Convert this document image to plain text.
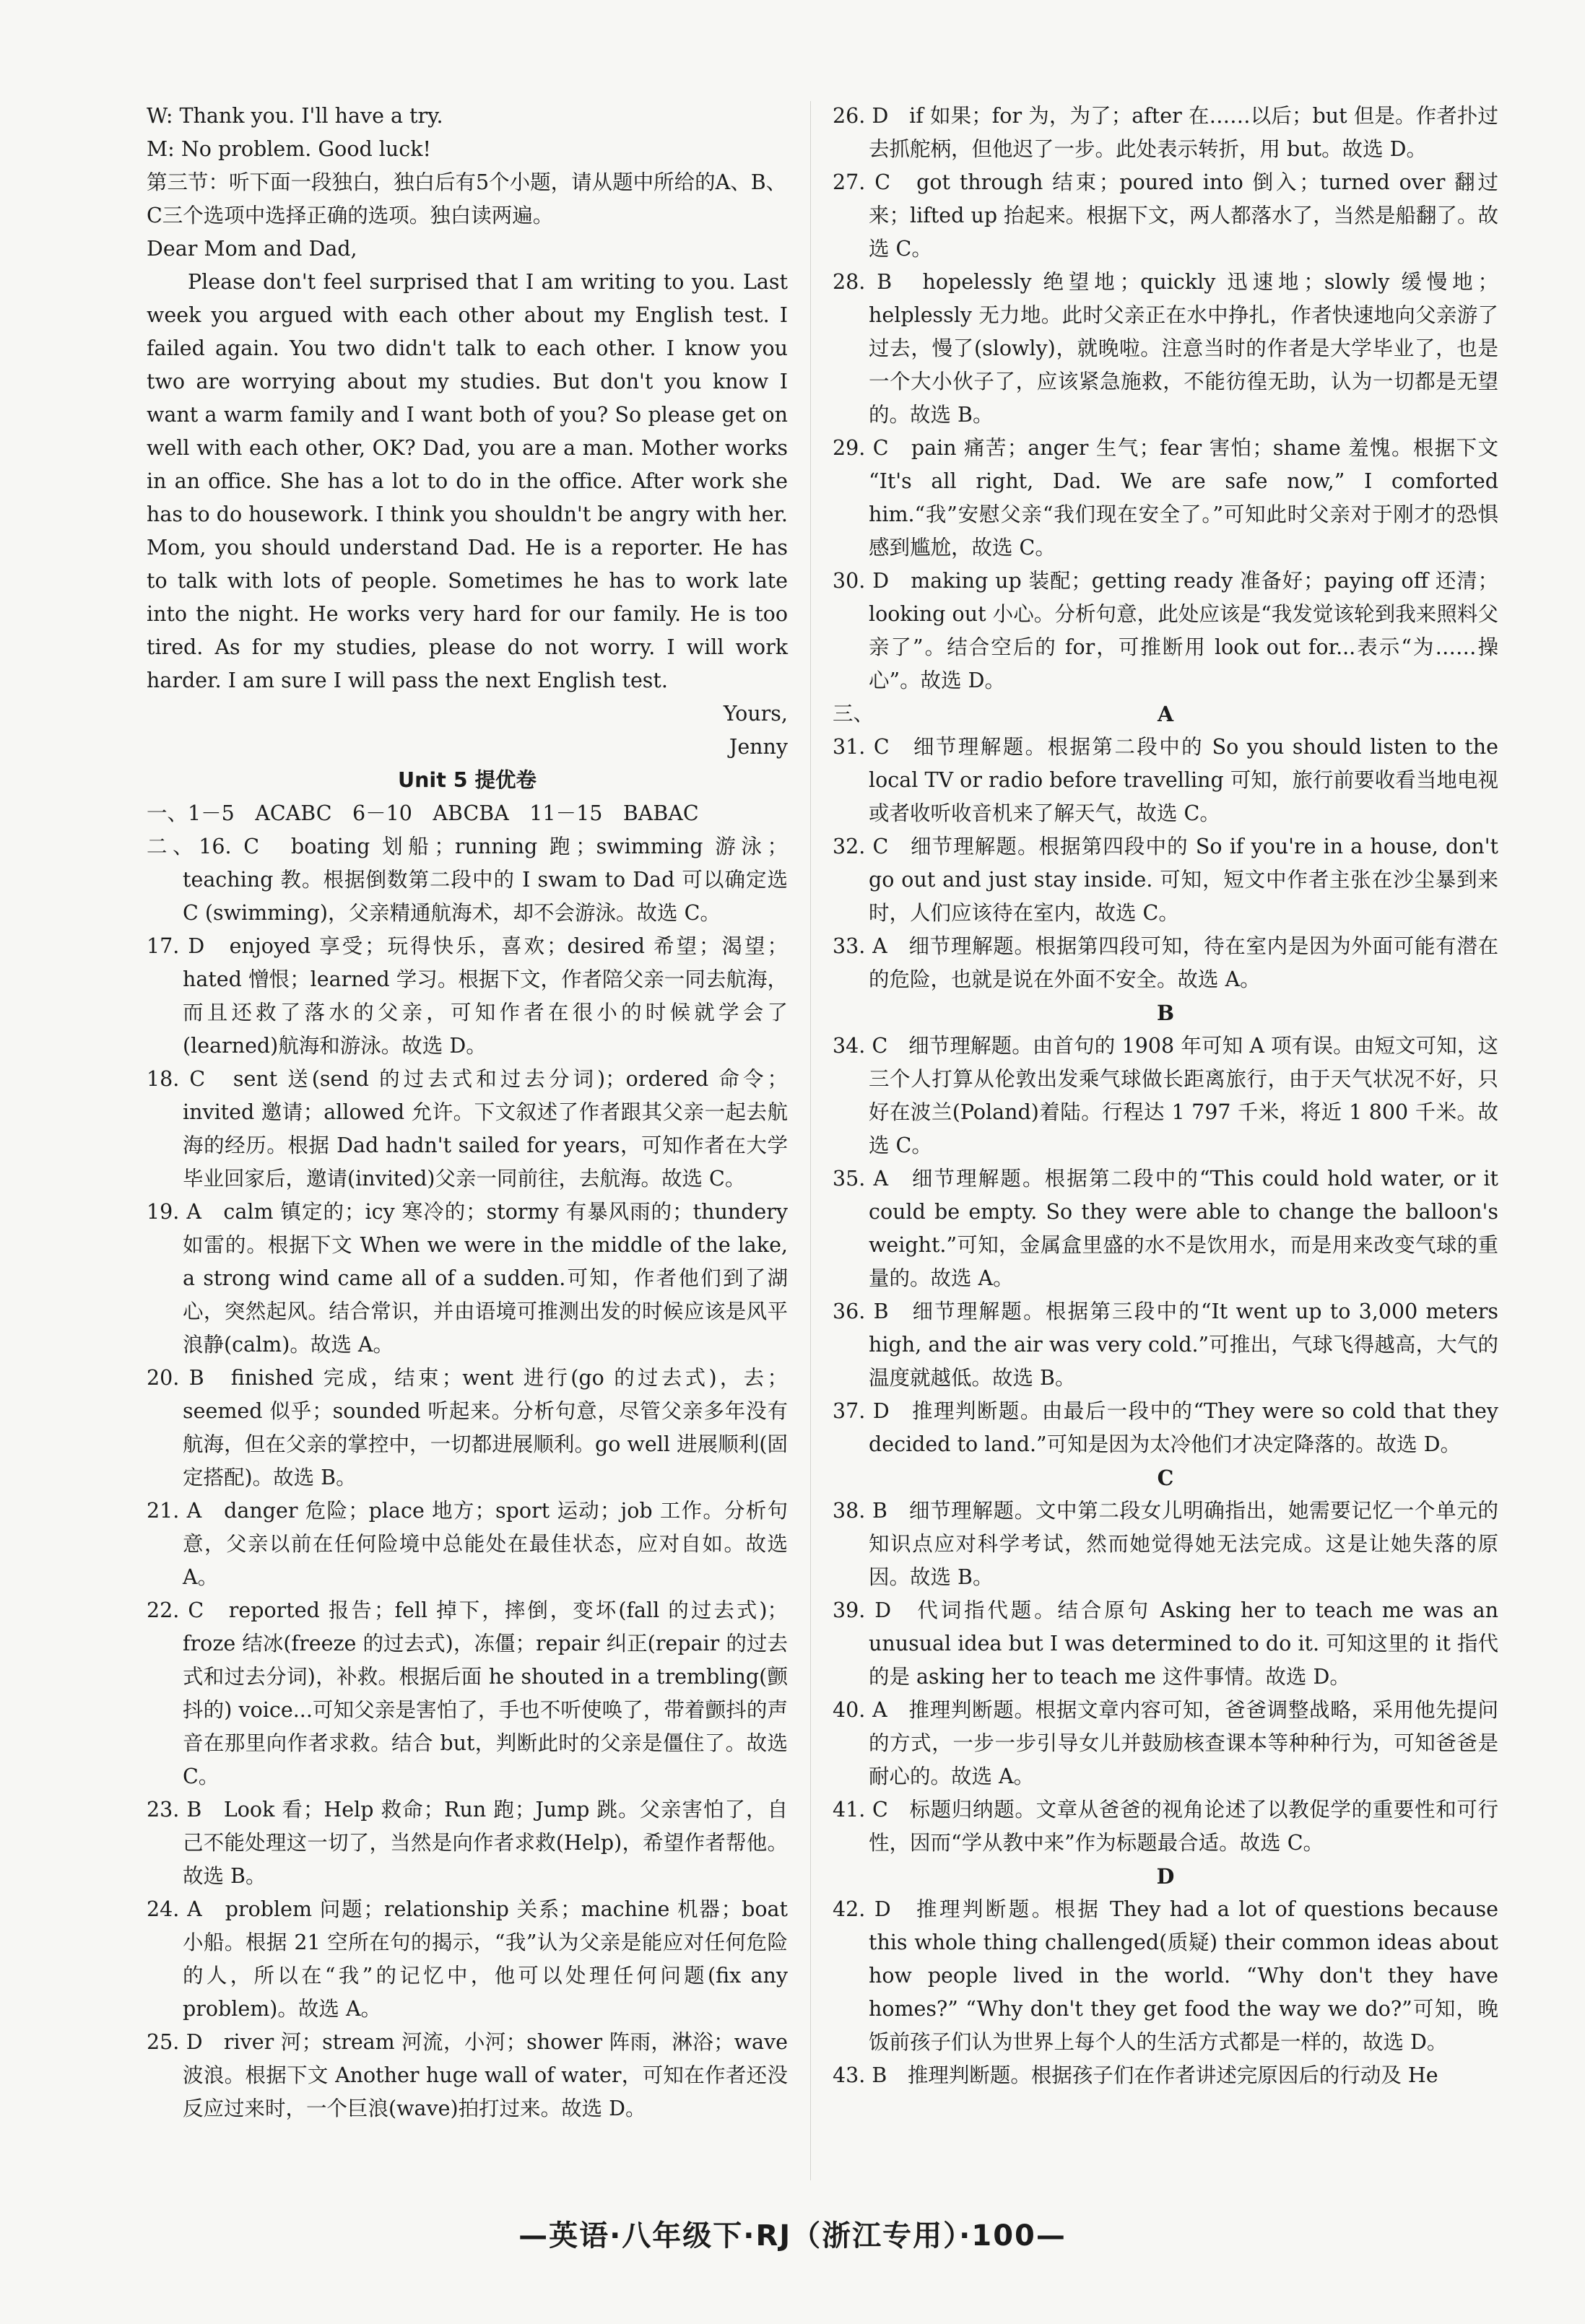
W: Thank you. I'll have a try.

M: No problem. Good luck!

第三节：听下面一段独白，独白后有5个小题，请从题中所给的A、B、C三个选项中选择正确的选项。独白读两遍。

Dear Mom and Dad,

Please don't feel surprised that I am writing to you. Last week you argued with each other about my English test. I failed again. You two didn't talk to each other. I know you two are worrying about my studies. But don't you know I want a warm family and I want both of you? So please get on well with each other, OK? Dad, you are a man. Mother works in an office. She has a lot to do in the office. After work she has to do housework. I think you shouldn't be angry with her. Mom, you should understand Dad. He is a reporter. He has to talk with lots of people. Sometimes he has to work late into the night. He works very hard for our family. He is too tired. As for my studies, please do not worry. I will work harder. I am sure I will pass the next English test.

Yours,

Jenny

Unit 5 提优卷

一、1－5　ACABC　6－10　ABCBA　11－15　BABAC

二、16. C　boating 划船；running 跑；swimming 游泳；teaching 教。根据倒数第二段中的 I swam to Dad 可以确定选 C (swimming)，父亲精通航海术，却不会游泳。故选 C。

17. D　enjoyed 享受；玩得快乐，喜欢；desired 希望；渴望；hated 憎恨；learned 学习。根据下文，作者陪父亲一同去航海，而且还救了落水的父亲，可知作者在很小的时候就学会了(learned)航海和游泳。故选 D。

18. C　sent 送(send 的过去式和过去分词)；ordered 命令；invited 邀请；allowed 允许。下文叙述了作者跟其父亲一起去航海的经历。根据 Dad hadn't sailed for years，可知作者在大学毕业回家后，邀请(invited)父亲一同前往，去航海。故选 C。

19. A　calm 镇定的；icy 寒冷的；stormy 有暴风雨的；thundery 如雷的。根据下文 When we were in the middle of the lake, a strong wind came all of a sudden.可知，作者他们到了湖心，突然起风。结合常识，并由语境可推测出发的时候应该是风平浪静(calm)。故选 A。

20. B　finished 完成，结束；went 进行(go 的过去式)，去；seemed 似乎；sounded 听起来。分析句意，尽管父亲多年没有航海，但在父亲的掌控中，一切都进展顺利。go well 进展顺利(固定搭配)。故选 B。

21. A　danger 危险；place 地方；sport 运动；job 工作。分析句意，父亲以前在任何险境中总能处在最佳状态，应对自如。故选 A。

22. C　reported 报告；fell 掉下，摔倒，变坏(fall 的过去式)；froze 结冰(freeze 的过去式)，冻僵；repair 纠正(repair 的过去式和过去分词)，补救。根据后面 he shouted in a trembling(颤抖的) voice...可知父亲是害怕了，手也不听使唤了，带着颤抖的声音在那里向作者求救。结合 but，判断此时的父亲是僵住了。故选 C。

23. B　Look 看；Help 救命；Run 跑；Jump 跳。父亲害怕了，自己不能处理这一切了，当然是向作者求救(Help)，希望作者帮他。故选 B。

24. A　problem 问题；relationship 关系；machine 机器；boat 小船。根据 21 空所在句的揭示，“我”认为父亲是能应对任何危险的人，所以在“我”的记忆中，他可以处理任何问题(fix any problem)。故选 A。

25. D　river 河；stream 河流，小河；shower 阵雨，淋浴；wave 波浪。根据下文 Another huge wall of water，可知在作者还没反应过来时，一个巨浪(wave)拍打过来。故选 D。

26. D　if 如果；for 为，为了；after 在……以后；but 但是。作者扑过去抓舵柄，但他迟了一步。此处表示转折，用 but。故选 D。

27. C　got through 结束；poured into 倒入；turned over 翻过来；lifted up 抬起来。根据下文，两人都落水了，当然是船翻了。故选 C。

28. B　hopelessly 绝望地；quickly 迅速地；slowly 缓慢地；helplessly 无力地。此时父亲正在水中挣扎，作者快速地向父亲游了过去，慢了(slowly)，就晚啦。注意当时的作者是大学毕业了，也是一个大小伙子了，应该紧急施救，不能彷徨无助，认为一切都是无望的。故选 B。

29. C　pain 痛苦；anger 生气；fear 害怕；shame 羞愧。根据下文 “It's all right, Dad. We are safe now,” I comforted him.“我”安慰父亲“我们现在安全了。”可知此时父亲对于刚才的恐惧感到尴尬，故选 C。

30. D　making up 装配；getting ready 准备好；paying off 还清；looking out 小心。分析句意，此处应该是“我发觉该轮到我来照料父亲了”。结合空后的 for，可推断用 look out for...表示“为……操心”。故选 D。

三、	A

31. C　细节理解题。根据第二段中的 So you should listen to the local TV or radio before travelling 可知，旅行前要收看当地电视或者收听收音机来了解天气，故选 C。

32. C　细节理解题。根据第四段中的 So if you're in a house, don't go out and just stay inside. 可知，短文中作者主张在沙尘暴到来时，人们应该待在室内，故选 C。

33. A　细节理解题。根据第四段可知，待在室内是因为外面可能有潜在的危险，也就是说在外面不安全。故选 A。

B

34. C　细节理解题。由首句的 1908 年可知 A 项有误。由短文可知，这三个人打算从伦敦出发乘气球做长距离旅行，由于天气状况不好，只好在波兰(Poland)着陆。行程达 1 797 千米，将近 1 800 千米。故选 C。

35. A　细节理解题。根据第二段中的“This could hold water, or it could be empty. So they were able to change the balloon's weight.”可知，金属盒里盛的水不是饮用水，而是用来改变气球的重量的。故选 A。

36. B　细节理解题。根据第三段中的“It went up to 3,000 meters high, and the air was very cold.”可推出，气球飞得越高，大气的温度就越低。故选 B。

37. D　推理判断题。由最后一段中的“They were so cold that they decided to land.”可知是因为太冷他们才决定降落的。故选 D。

C

38. B　细节理解题。文中第二段女儿明确指出，她需要记忆一个单元的知识点应对科学考试，然而她觉得她无法完成。这是让她失落的原因。故选 B。

39. D　代词指代题。结合原句 Asking her to teach me was an unusual idea but I was determined to do it. 可知这里的 it 指代的是 asking her to teach me 这件事情。故选 D。

40. A　推理判断题。根据文章内容可知，爸爸调整战略，采用他先提问的方式，一步一步引导女儿并鼓励核查课本等种种行为，可知爸爸是耐心的。故选 A。

41. C　标题归纳题。文章从爸爸的视角论述了以教促学的重要性和可行性，因而“学从教中来”作为标题最合适。故选 C。

D

42. D　推理判断题。根据 They had a lot of questions because this whole thing challenged(质疑) their common ideas about how people lived in the world. “Why don't they have homes?” “Why don't they get food the way we do?”可知，晚饭前孩子们认为世界上每个人的生活方式都是一样的，故选 D。

43. B　推理判断题。根据孩子们在作者讲述完原因后的行动及 He

—英语·八年级下·RJ（浙江专用）·100—
